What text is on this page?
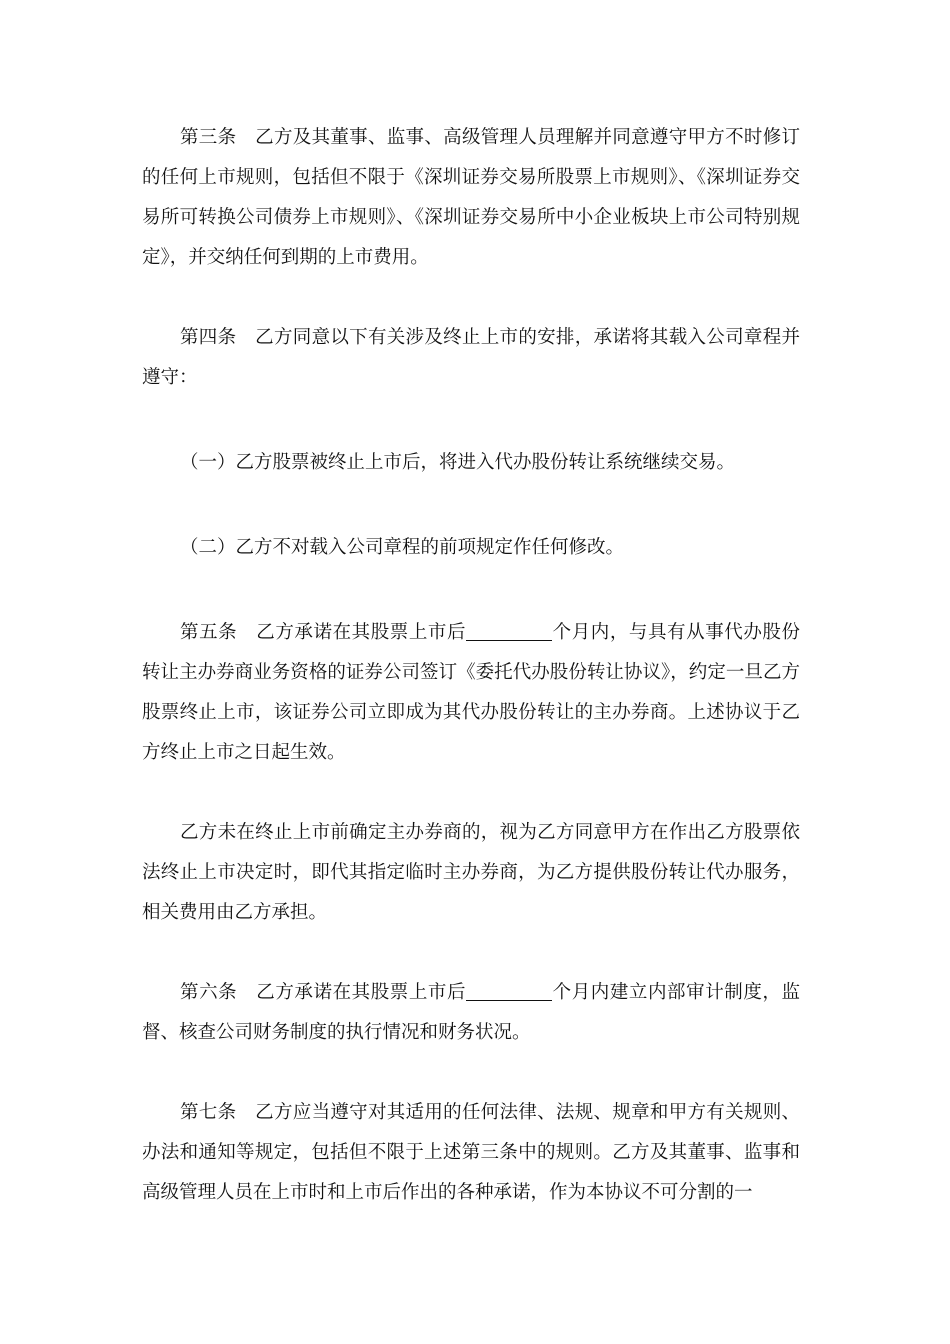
第三条　乙方及其董事、监事、高级管理人员理解并同意遵守甲方不时修订的任何上市规则，包括但不限于《深圳证券交易所股票上市规则》、《深圳证券交易所可转换公司债券上市规则》、《深圳证券交易所中小企业板块上市公司特别规定》，并交纳任何到期的上市费用。

第四条　乙方同意以下有关涉及终止上市的安排，承诺将其载入公司章程并遵守：

（一）乙方股票被终止上市后，将进入代办股份转让系统继续交易。

（二）乙方不对载入公司章程的前项规定作任何修改。

第五条　乙方承诺在其股票上市后	个月内，与具有从事代办股份转让主办券商业务资格的证券公司签订《委托代办股份转让协议》，约定一旦乙方股票终止上市，该证券公司立即成为其代办股份转让的主办券商。上述协议于乙方终止上市之日起生效。

乙方未在终止上市前确定主办券商的，视为乙方同意甲方在作出乙方股票依法终止上市决定时，即代其指定临时主办券商，为乙方提供股份转让代办服务，相关费用由乙方承担。

第六条　乙方承诺在其股票上市后	个月内建立内部审计制度，监督、核查公司财务制度的执行情况和财务状况。

第七条　乙方应当遵守对其适用的任何法律、法规、规章和甲方有关规则、办法和通知等规定，包括但不限于上述第三条中的规则。乙方及其董事、监事和高级管理人员在上市时和上市后作出的各种承诺，作为本协议不可分割的一
